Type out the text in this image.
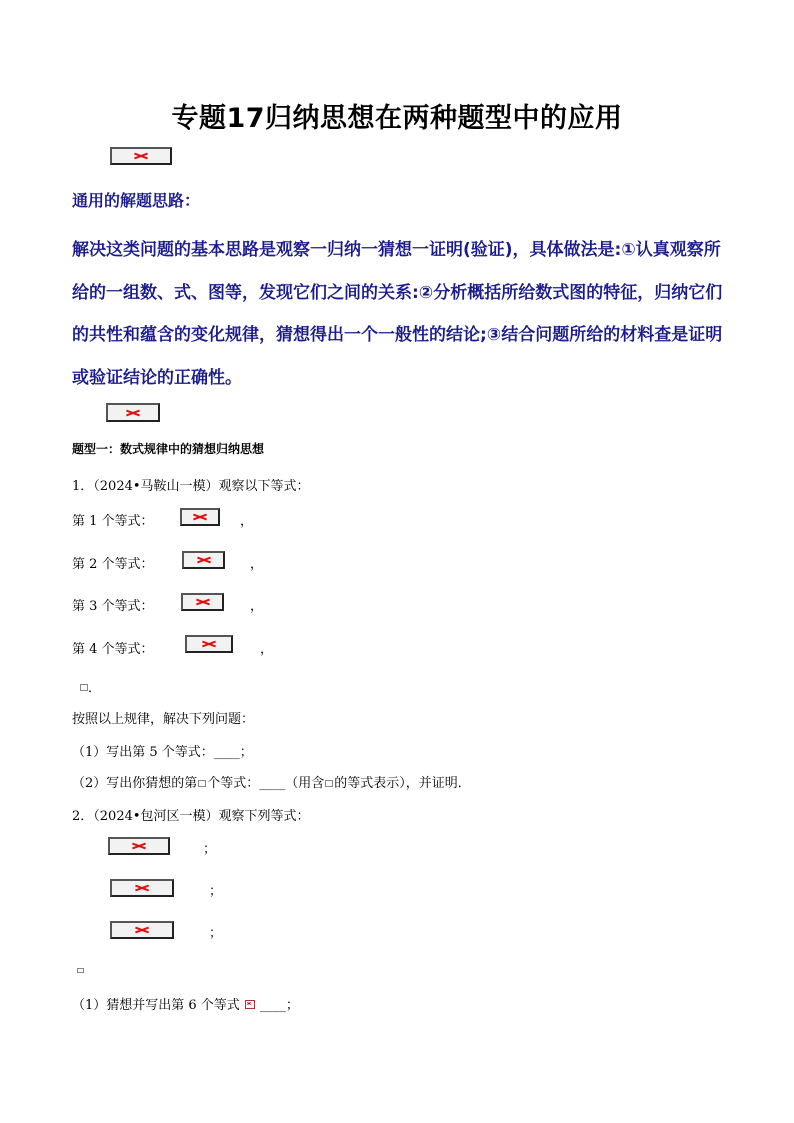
专题17归纳思想在两种题型中的应用
通用的解题思路：
解决这类问题的基本思路是观察一归纳一猜想一证明(验证)，具体做法是:①认真观察所给的一组数、式、图等，发现它们之间的关系:②分析概括所给数式图的特征，归纳它们的共性和蕴含的变化规律，猜想得出一个一般性的结论;③结合问题所给的材料查是证明或验证结论的正确性。
题型一：数式规律中的猜想归纳思想
1．（2024•马鞍山一模）观察以下等式：
第 1 个等式：	，
第 2 个等式：	，
第 3 个等式：	，
第 4 个等式：	，
．
按照以上规律，解决下列问题：
（1）写出第 5 个等式：____；
（2）写出你猜想的第 个等式：____（用含 的等式表示），并证明．
2．（2024•包河区一模）观察下列等式：
；
；
；
（1）猜想并写出第 6 个等式 ____；
